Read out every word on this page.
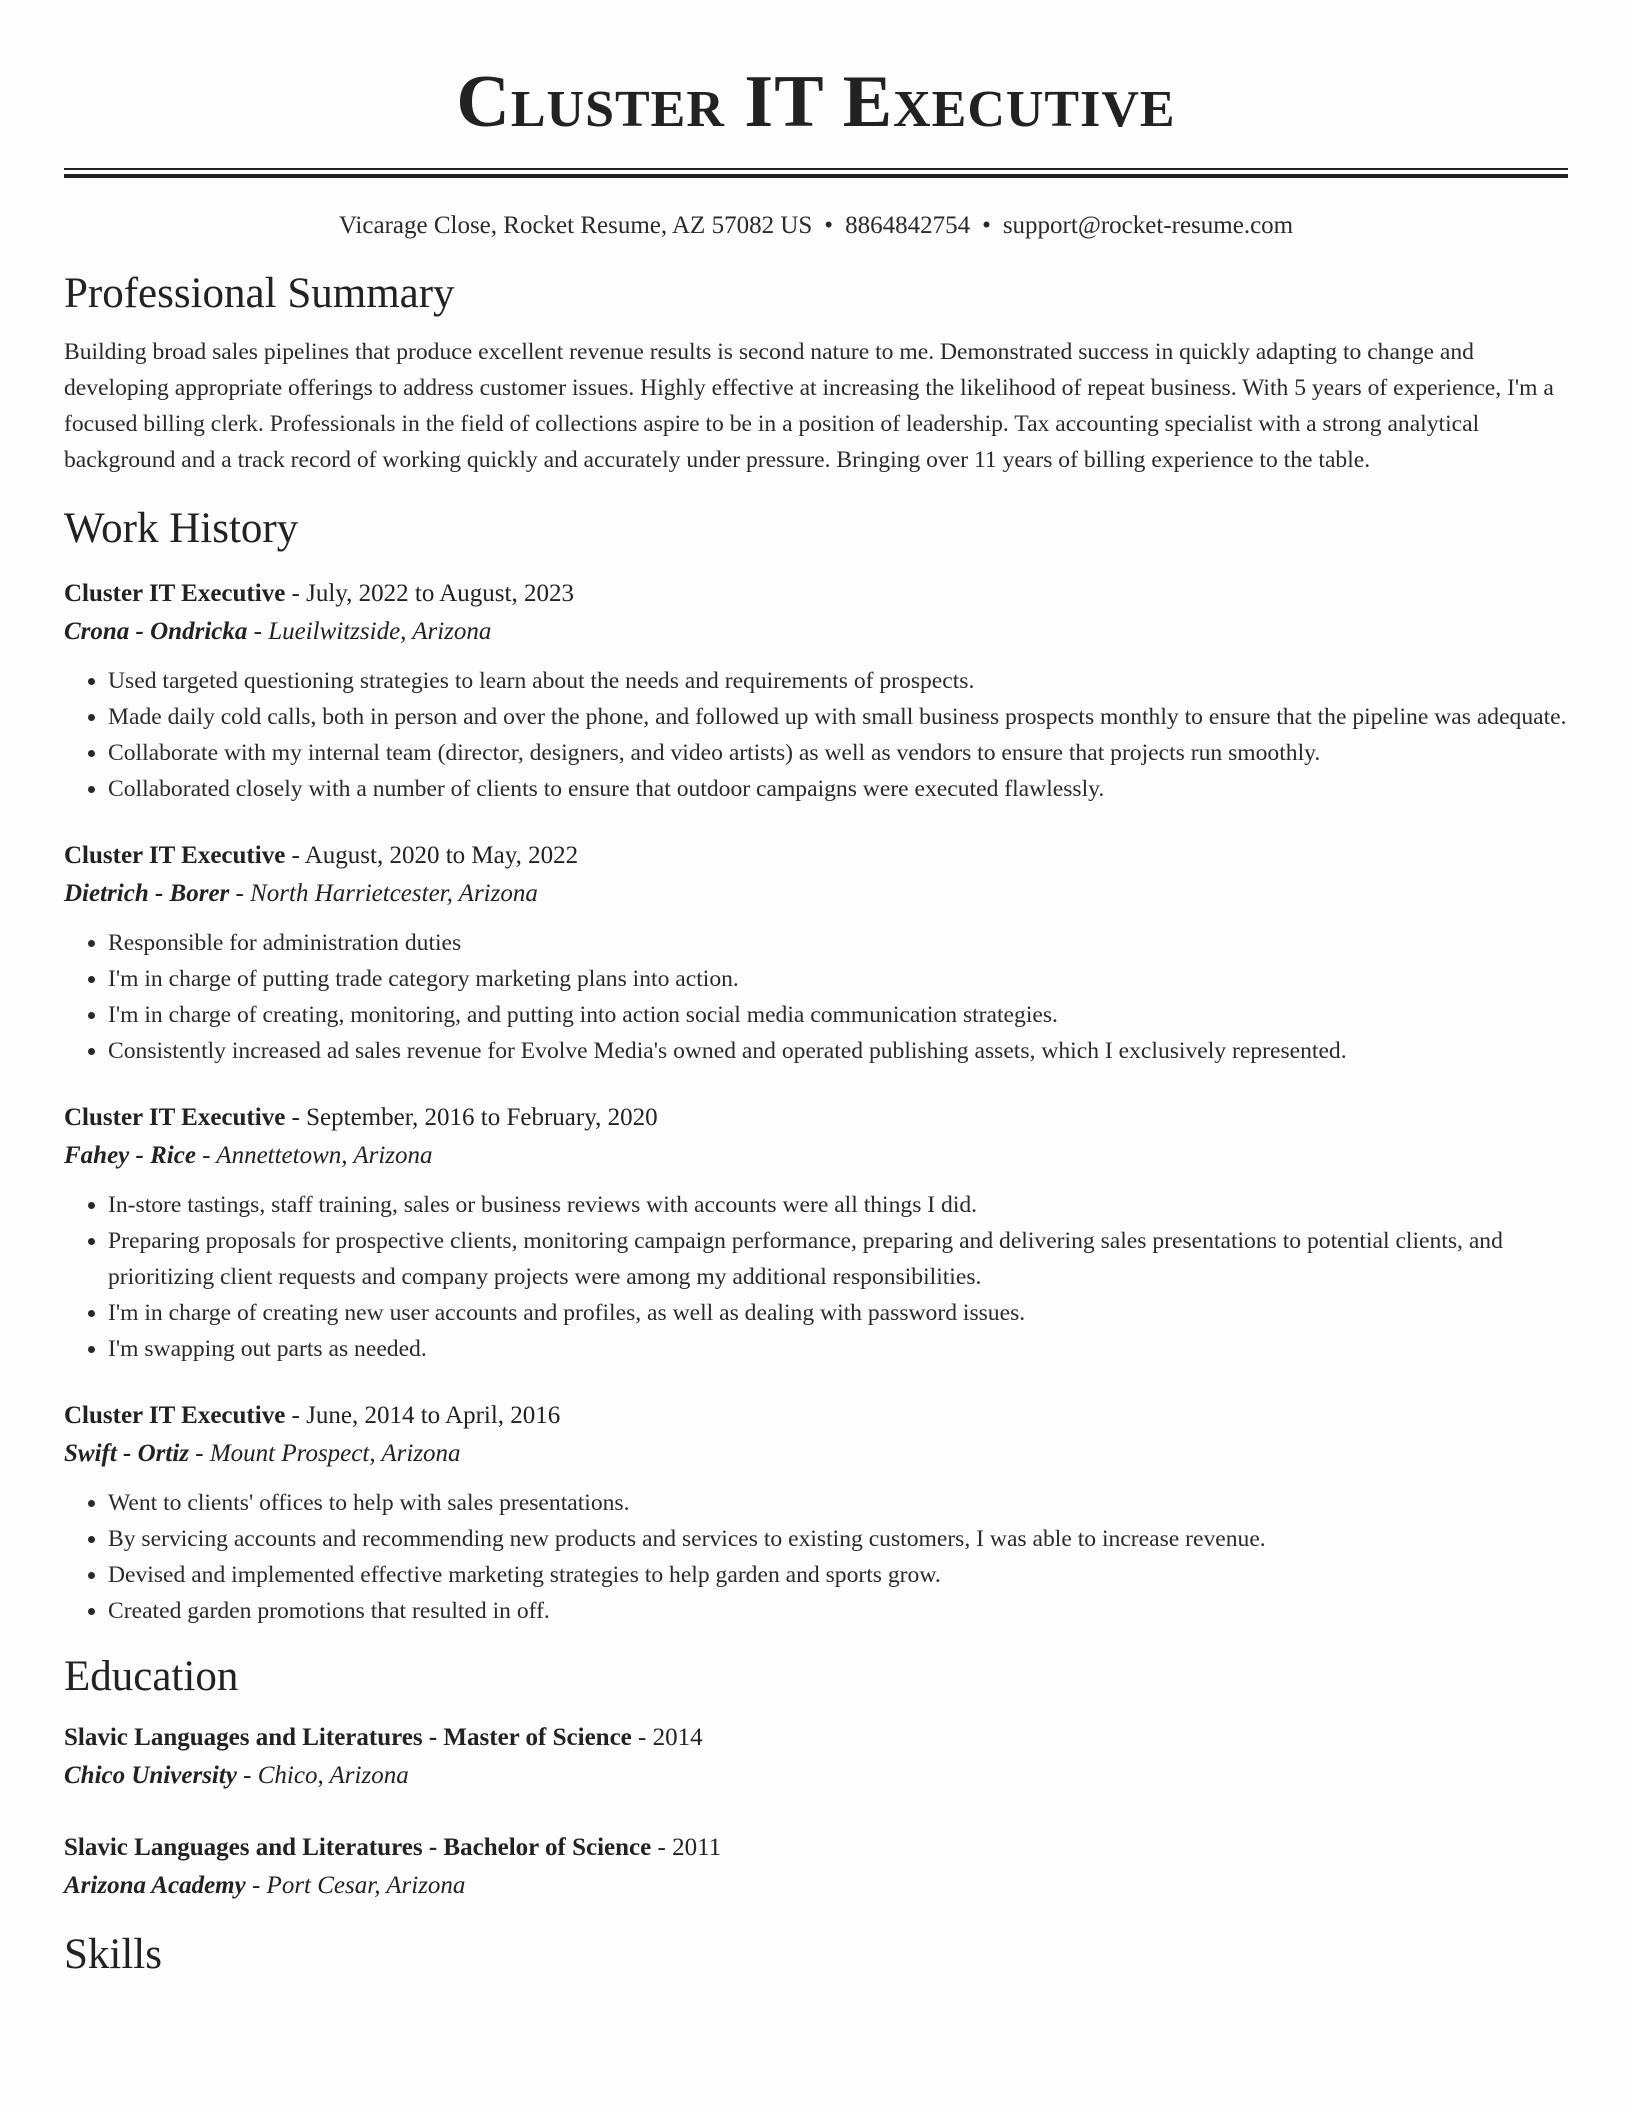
Cluster IT Executive
Vicarage Close, Rocket Resume, AZ 57082 US • 8864842754 • support@rocket-resume.com
Professional Summary

Building broad sales pipelines that produce excellent revenue results is second nature to me. Demonstrated success in quickly adapting to change and developing appropriate offerings to address customer issues. Highly effective at increasing the likelihood of repeat business. With 5 years of experience, I'm a focused billing clerk. Professionals in the field of collections aspire to be in a position of leadership. Tax accounting specialist with a strong analytical background and a track record of working quickly and accurately under pressure. Bringing over 11 years of billing experience to the table.

Work History
Cluster IT Executive - July, 2022 to August, 2023
Crona - Ondricka - Lueilwitzside, Arizona
• Used targeted questioning strategies to learn about the needs and requirements of prospects.
• Made daily cold calls, both in person and over the phone, and followed up with small business prospects monthly to ensure that the pipeline was adequate.
• Collaborate with my internal team (director, designers, and video artists) as well as vendors to ensure that projects run smoothly.
• Collaborated closely with a number of clients to ensure that outdoor campaigns were executed flawlessly.
Cluster IT Executive - August, 2020 to May, 2022
Dietrich - Borer - North Harrietcester, Arizona
• Responsible for administration duties
• I'm in charge of putting trade category marketing plans into action.
• I'm in charge of creating, monitoring, and putting into action social media communication strategies.
• Consistently increased ad sales revenue for Evolve Media's owned and operated publishing assets, which I exclusively represented.
Cluster IT Executive - September, 2016 to February, 2020
Fahey - Rice - Annettetown, Arizona
• In-store tastings, staff training, sales or business reviews with accounts were all things I did.
• Preparing proposals for prospective clients, monitoring campaign performance, preparing and delivering sales presentations to potential clients, and prioritizing client requests and company projects were among my additional responsibilities.
• I'm in charge of creating new user accounts and profiles, as well as dealing with password issues.
• I'm swapping out parts as needed.
Cluster IT Executive - June, 2014 to April, 2016
Swift - Ortiz - Mount Prospect, Arizona
• Went to clients' offices to help with sales presentations.
• By servicing accounts and recommending new products and services to existing customers, I was able to increase revenue.
• Devised and implemented effective marketing strategies to help garden and sports grow.
• Created garden promotions that resulted in off.
Education
Slavic Languages and Literatures - Master of Science - 2014
Chico University - Chico, Arizona
Slavic Languages and Literatures - Bachelor of Science - 2011
Arizona Academy - Port Cesar, Arizona
Skills
